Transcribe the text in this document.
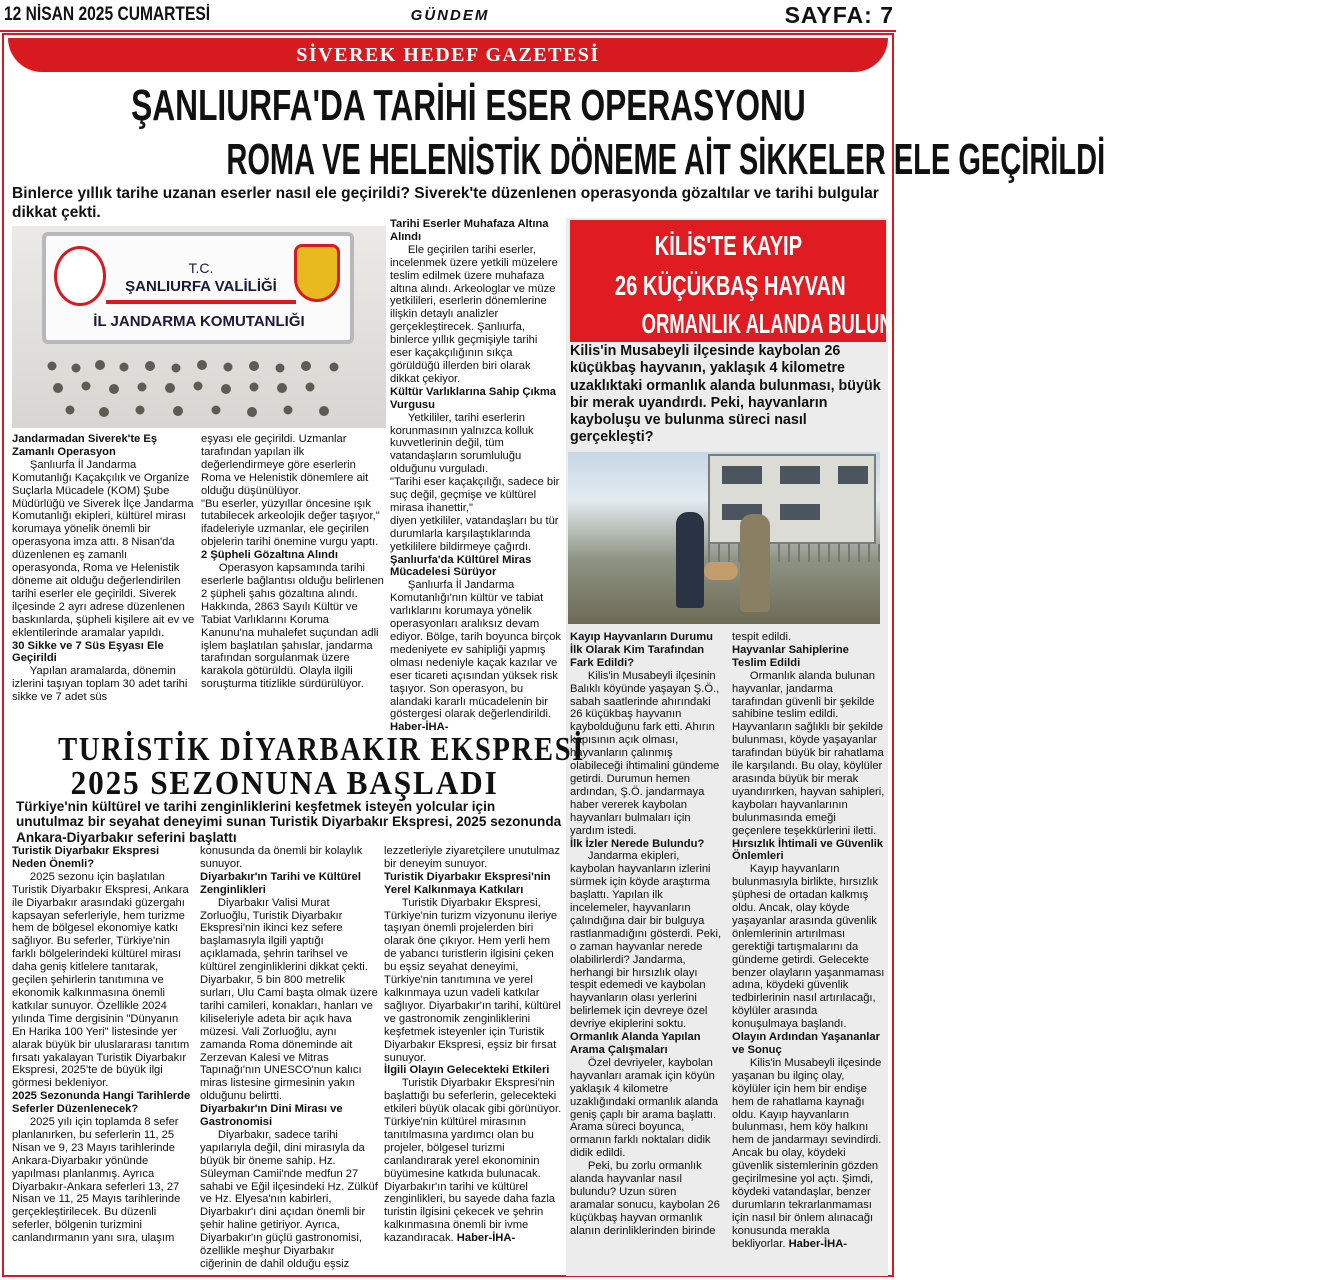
12 NİSAN 2025 CUMARTESİ	GÜNDEM	SAYFA: 7
SİVEREK HEDEF GAZETESİ
ŞANLIURFA'DA TARİHİ ESER OPERASYONU
ROMA VE HELENİSTİK DÖNEME AİT SİKKELER ELE GEÇİRİLDİ
Binlerce yıllık tarihe uzanan eserler nasıl ele geçirildi? Siverek'te düzenlenen operasyonda gözaltılar ve tarihi bulgular dikkat çekti.
T.C.
ŞANLIURFA VALİLİĞİ
İL JANDARMA KOMUTANLIĞI
Jandarmadan Siverek'te Eş Zamanlı Operasyon

Şanlıurfa İl Jandarma Komutanlığı Kaçakçılık ve Organize Suçlarla Mücadele (KOM) Şube Müdürlüğü ve Siverek İlçe Jandarma Komutanlığı ekipleri, kültürel mirası korumaya yönelik önemli bir operasyona imza attı. 8 Nisan'da düzenlenen eş zamanlı operasyonda, Roma ve Helenistik döneme ait olduğu değerlendirilen tarihi eserler ele geçirildi. Siverek ilçesinde 2 ayrı adrese düzenlenen baskınlarda, şüpheli kişilere ait ev ve eklentilerinde aramalar yapıldı.

30 Sikke ve 7 Süs Eşyası Ele Geçirildi

Yapılan aramalarda, dönemin izlerini taşıyan toplam 30 adet tarihi sikke ve 7 adet süs

eşyası ele geçirildi. Uzmanlar tarafından yapılan ilk değerlendirmeye göre eserlerin Roma ve Helenistik dönemlere ait olduğu düşünülüyor.
"Bu eserler, yüzyıllar öncesine ışık tutabilecek arkeolojik değer taşıyor,"
ifadeleriyle uzmanlar, ele geçirilen objelerin tarihi önemine vurgu yaptı.
2 Şüpheli Gözaltına Alındı

Operasyon kapsamında tarihi eserlerle bağlantısı olduğu belirlenen 2 şüpheli şahıs gözaltına alındı. Hakkında, 2863 Sayılı Kültür ve Tabiat Varlıklarını Koruma Kanunu'na muhalefet suçundan adli işlem başlatılan şahıslar, jandarma tarafından sorgulanmak üzere karakola götürüldü. Olayla ilgili soruşturma titizlikle sürdürülüyor.

Tarihi Eserler Muhafaza Altına Alındı

Ele geçirilen tarihi eserler, incelenmek üzere yetkili müzelere teslim edilmek üzere muhafaza altına alındı. Arkeologlar ve müze yetkilileri, eserlerin dönemlerine ilişkin detaylı analizler gerçekleştirecek. Şanlıurfa, binlerce yıllık geçmişiyle tarihi eser kaçakçılığının sıkça görüldüğü illerden biri olarak dikkat çekiyor.

Kültür Varlıklarına Sahip Çıkma Vurgusu

Yetkililer, tarihi eserlerin korunmasının yalnızca kolluk kuvvetlerinin değil, tüm vatandaşların sorumluluğu olduğunu vurguladı.

"Tarihi eser kaçakçılığı, sadece bir suç değil, geçmişe ve kültürel mirasa ihanettir,"
diyen yetkililer, vatandaşları bu tür durumlarla karşılaştıklarında yetkililere bildirmeye çağırdı.
Şanlıurfa'da Kültürel Miras Mücadelesi Sürüyor

Şanlıurfa İl Jandarma Komutanlığı'nın kültür ve tabiat varlıklarını korumaya yönelik operasyonları aralıksız devam ediyor. Bölge, tarih boyunca birçok medeniyete ev sahipliği yapmış olması nedeniyle kaçak kazılar ve eser ticareti açısından yüksek risk taşıyor. Son operasyon, bu alandaki kararlı mücadelenin bir göstergesi olarak değerlendirildi. Haber-İHA-

KİLİS'TE KAYIP
26 KÜÇÜKBAŞ HAYVAN
ORMANLIK ALANDA BULUNDU
Kilis'in Musabeyli ilçesinde kaybolan 26 küçükbaş hayvanın, yaklaşık 4 kilometre uzaklıktaki ormanlık alanda bulunması, büyük bir merak uyandırdı. Peki, hayvanların kayboluşu ve bulunma süreci nasıl gerçekleşti?
Kayıp Hayvanların Durumu İlk Olarak Kim Tarafından Fark Edildi?

Kilis'in Musabeyli ilçesinin Balıklı köyünde yaşayan Ş.Ö., sabah saatlerinde ahırındaki 26 küçükbaş hayvanın kaybolduğunu fark etti. Ahırın kapısının açık olması, hayvanların çalınmış olabileceği ihtimalini gündeme getirdi. Durumun hemen ardından, Ş.Ö. jandarmaya haber vererek kaybolan hayvanları bulmaları için yardım istedi.

İlk İzler Nerede Bulundu?

Jandarma ekipleri, kaybolan hayvanların izlerini sürmek için köyde araştırma başlattı. Yapılan ilk incelemeler, hayvanların çalındığına dair bir bulguya rastlanmadığını gösterdi. Peki, o zaman hayvanlar nerede olabilirlerdi? Jandarma, herhangi bir hırsızlık olayı tespit edemedi ve kaybolan hayvanların olası yerlerini belirlemek için devreye özel devriye ekiplerini soktu.

Ormanlık Alanda Yapılan Arama Çalışmaları

Özel devriyeler, kaybolan hayvanları aramak için köyün yaklaşık 4 kilometre uzaklığındaki ormanlık alanda geniş çaplı bir arama başlattı. Arama süreci boyunca, ormanın farklı noktaları didik didik edildi.

Peki, bu zorlu ormanlık alanda hayvanlar nasıl bulundu? Uzun süren aramalar sonucu, kaybolan 26 küçükbaş hayvan ormanlık alanın derinliklerinden birinde

tespit edildi.
Hayvanlar Sahiplerine Teslim Edildi

Ormanlık alanda bulunan hayvanlar, jandarma tarafından güvenli bir şekilde sahibine teslim edildi. Hayvanların sağlıklı bir şekilde bulunması, köyde yaşayanlar tarafından büyük bir rahatlama ile karşılandı. Bu olay, köylüler arasında büyük bir merak uyandırırken, hayvan sahipleri, kayboları hayvanlarının bulunmasında emeği geçenlere teşekkürlerini iletti.

Hırsızlık İhtimali ve Güvenlik Önlemleri

Kayıp hayvanların bulunmasıyla birlikte, hırsızlık şüphesi de ortadan kalkmış oldu. Ancak, olay köyde yaşayanlar arasında güvenlik önlemlerinin artırılması gerektiği tartışmalarını da gündeme getirdi. Gelecekte benzer olayların yaşanmaması adına, köydeki güvenlik tedbirlerinin nasıl artırılacağı, köylüler arasında konuşulmaya başlandı.

Olayın Ardından Yaşananlar ve Sonuç

Kilis'in Musabeyli ilçesinde yaşanan bu ilginç olay, köylüler için hem bir endişe hem de rahatlama kaynağı oldu. Kayıp hayvanların bulunması, hem köy halkını hem de jandarmayı sevindirdi. Ancak bu olay, köydeki güvenlik sistemlerinin gözden geçirilmesine yol açtı. Şimdi, köydeki vatandaşlar, benzer durumların tekrarlanmaması için nasıl bir önlem alınacağı konusunda merakla bekliyorlar. Haber-İHA-

TURİSTİK DİYARBAKIR EKSPRESİ
2025 SEZONUNA BAŞLADI
Türkiye'nin kültürel ve tarihi zenginliklerini keşfetmek isteyen yolcular için unutulmaz bir seyahat deneyimi sunan Turistik Diyarbakır Ekspresi, 2025 sezonunda Ankara-Diyarbakır seferini başlattı
Turistik Diyarbakır Ekspresi Neden Önemli?

2025 sezonu için başlatılan Turistik Diyarbakır Ekspresi, Ankara ile Diyarbakır arasındaki güzergahı kapsayan seferleriyle, hem turizme hem de bölgesel ekonomiye katkı sağlıyor. Bu seferler, Türkiye'nin farklı bölgelerindeki kültürel mirası daha geniş kitlelere tanıtarak, geçilen şehirlerin tanıtımına ve ekonomik kalkınmasına önemli katkılar sunuyor. Özellikle 2024 yılında Time dergisinin "Dünyanın En Harika 100 Yeri" listesinde yer alarak büyük bir uluslararası tanıtım fırsatı yakalayan Turistik Diyarbakır Ekspresi, 2025'te de büyük ilgi görmesi bekleniyor.

2025 Sezonunda Hangi Tarihlerde Seferler Düzenlenecek?

2025 yılı için toplamda 8 sefer planlanırken, bu seferlerin 11, 25 Nisan ve 9, 23 Mayıs tarihlerinde Ankara-Diyarbakır yönünde yapılması planlanmış. Ayrıca Diyarbakır-Ankara seferleri 13, 27 Nisan ve 11, 25 Mayıs tarihlerinde gerçekleştirilecek. Bu düzenli seferler, bölgenin turizmini canlandırmanın yanı sıra, ulaşım

konusunda da önemli bir kolaylık sunuyor.
Diyarbakır'ın Tarihi ve Kültürel Zenginlikleri

Diyarbakır Valisi Murat Zorluoğlu, Turistik Diyarbakır Ekspresi'nin ikinci kez sefere başlamasıyla ilgili yaptığı açıklamada, şehrin tarihsel ve kültürel zenginliklerini dikkat çekti. Diyarbakır, 5 bin 800 metrelik surları, Ulu Cami başta olmak üzere tarihi camileri, konakları, hanları ve kiliseleriyle adeta bir açık hava müzesi. Vali Zorluoğlu, aynı zamanda Roma döneminde ait Zerzevan Kalesi ve Mitras Tapınağı'nın UNESCO'nun kalıcı miras listesine girmesinin yakın olduğunu belirtti.

Diyarbakır'ın Dini Mirası ve Gastronomisi

Diyarbakır, sadece tarihi yapılarıyla değil, dini mirasıyla da büyük bir öneme sahip. Hz. Süleyman Camii'nde medfun 27 sahabi ve Eğil ilçesindeki Hz. Zülküf ve Hz. Elyesa'nın kabirleri, Diyarbakır'ı dini açıdan önemli bir şehir haline getiriyor. Ayrıca, Diyarbakır'ın güçlü gastronomisi, özellikle meşhur Diyarbakır ciğerinin de dahil olduğu eşsiz

lezzetleriyle ziyaretçilere unutulmaz bir deneyim sunuyor.
Turistik Diyarbakır Ekspresi'nin Yerel Kalkınmaya Katkıları

Turistik Diyarbakır Ekspresi, Türkiye'nin turizm vizyonunu ileriye taşıyan önemli projelerden biri olarak öne çıkıyor. Hem yerli hem de yabancı turistlerin ilgisini çeken bu eşsiz seyahat deneyimi, Türkiye'nin tanıtımına ve yerel kalkınmaya uzun vadeli katkılar sağlıyor. Diyarbakır'ın tarihi, kültürel ve gastronomik zenginliklerini keşfetmek isteyenler için Turistik Diyarbakır Ekspresi, eşsiz bir fırsat sunuyor.

İlgili Olayın Gelecekteki Etkileri

Turistik Diyarbakır Ekspresi'nin başlattığı bu seferlerin, gelecekteki etkileri büyük olacak gibi görünüyor. Türkiye'nin kültürel mirasının tanıtılmasına yardımcı olan bu projeler, bölgesel turizmi canlandırarak yerel ekonominin büyümesine katkıda bulunacak. Diyarbakır'ın tarihi ve kültürel zenginlikleri, bu sayede daha fazla turistin ilgisini çekecek ve şehrin kalkınmasına önemli bir ivme kazandıracak. Haber-İHA-
